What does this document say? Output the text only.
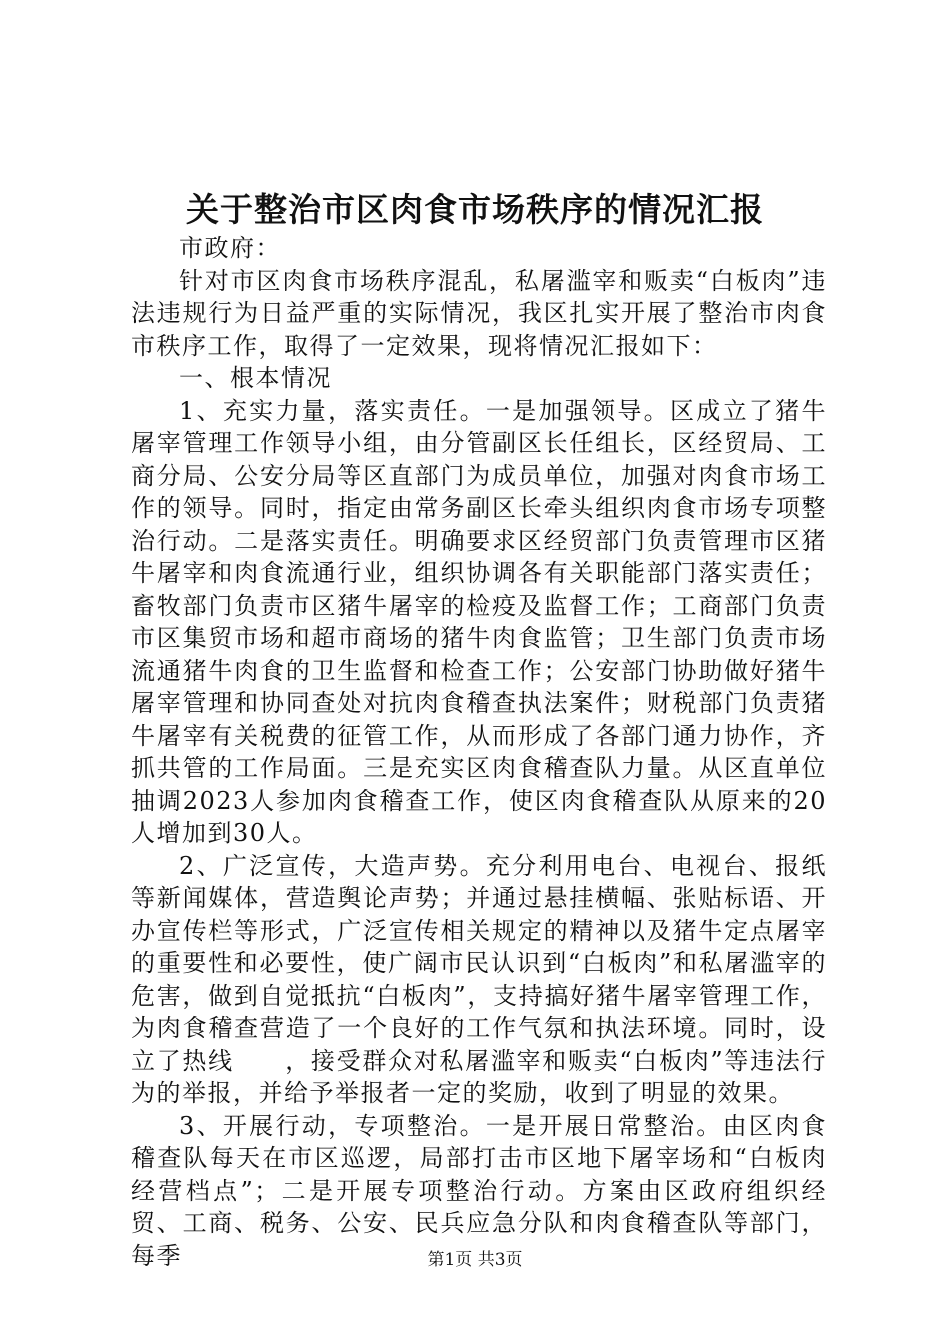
关于整治市区肉食市场秩序的情况汇报

市政府：

针对市区肉食市场秩序混乱，私屠滥宰和贩卖“白板肉”违法违规行为日益严重的实际情况，我区扎实开展了整治市肉食市秩序工作，取得了一定效果，现将情况汇报如下：

一、根本情况

1、充实力量，落实责任。一是加强领导。区成立了猪牛屠宰管理工作领导小组，由分管副区长任组长，区经贸局、工商分局、公安分局等区直部门为成员单位，加强对肉食市场工作的领导。同时，指定由常务副区长牵头组织肉食市场专项整治行动。二是落实责任。明确要求区经贸部门负责管理市区猪牛屠宰和肉食流通行业，组织协调各有关职能部门落实责任；畜牧部门负责市区猪牛屠宰的检疫及监督工作；工商部门负责市区集贸市场和超市商场的猪牛肉食监管；卫生部门负责市场流通猪牛肉食的卫生监督和检查工作；公安部门协助做好猪牛屠宰管理和协同查处对抗肉食稽查执法案件；财税部门负责猪牛屠宰有关税费的征管工作，从而形成了各部门通力协作，齐抓共管的工作局面。三是充实区肉食稽查队力量。从区直单位抽调2023人参加肉食稽查工作，使区肉食稽查队从原来的20人增加到30人。

2、广泛宣传，大造声势。充分利用电台、电视台、报纸等新闻媒体，营造舆论声势；并通过悬挂横幅、张贴标语、开办宣传栏等形式，广泛宣传相关规定的精神以及猪牛定点屠宰的重要性和必要性，使广阔市民认识到“白板肉”和私屠滥宰的危害，做到自觉抵抗“白板肉”，支持搞好猪牛屠宰管理工作，为肉食稽查营造了一个良好的工作气氛和执法环境。同时，设立了热线　　，接受群众对私屠滥宰和贩卖“白板肉”等违法行为的举报，并给予举报者一定的奖励，收到了明显的效果。

3、开展行动，专项整治。一是开展日常整治。由区肉食稽查队每天在市区巡逻，局部打击市区地下屠宰场和“白板肉经营档点”；二是开展专项整治行动。方案由区政府组织经贸、工商、税务、公安、民兵应急分队和肉食稽查队等部门，每季	第1页 共3页
